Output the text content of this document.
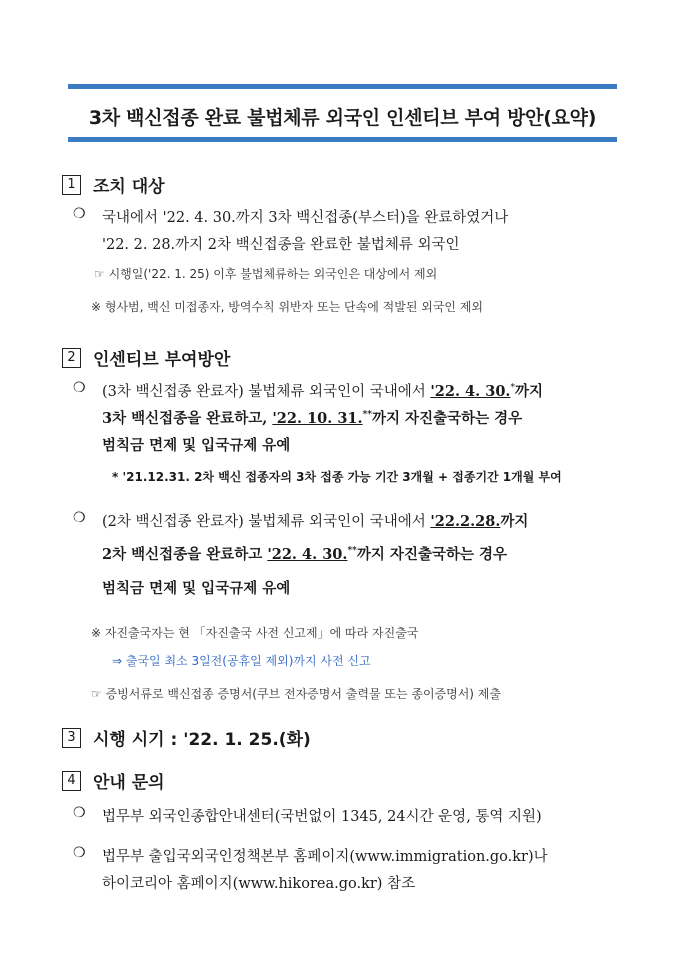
3차 백신접종 완료 불법체류 외국인 인센티브 부여 방안(요약)
1	조치 대상
❍ 국내에서 '22. 4. 30.까지 3차 백신접종(부스터)을 완료하였거나
'22. 2. 28.까지 2차 백신접종을 완료한 불법체류 외국인
☞ 시행일('22. 1. 25) 이후 불법체류하는 외국인은 대상에서 제외
※ 형사범, 백신 미접종자, 방역수칙 위반자 또는 단속에 적발된 외국인 제외
2	인센티브 부여방안
❍ (3차 백신접종 완료자) 불법체류 외국인이 국내에서 '22. 4. 30.*까지
3차 백신접종을 완료하고, '22. 10. 31.**까지 자진출국하는 경우
범칙금 면제 및 입국규제 유예
* '21.12.31. 2차 백신 접종자의 3차 접종 가능 기간 3개월 + 접종기간 1개월 부여
❍ (2차 백신접종 완료자) 불법체류 외국인이 국내에서 '22.2.28.까지
2차 백신접종을 완료하고 '22. 4. 30.**까지 자진출국하는 경우
범칙금 면제 및 입국규제 유예
※ 자진출국자는 현 「자진출국 사전 신고제」에 따라 자진출국
⇒ 출국일 최소 3일전(공휴일 제외)까지 사전 신고
☞ 증빙서류로 백신접종 증명서(쿠브 전자증명서 출력물 또는 종이증명서) 제출
3	시행 시기 : '22. 1. 25.(화)
4	안내 문의
❍ 법무부 외국인종합안내센터(국번없이 1345, 24시간 운영, 통역 지원)
❍ 법무부 출입국외국인정책본부 홈페이지(www.immigration.go.kr)나
하이코리아 홈페이지(www.hikorea.go.kr) 참조
